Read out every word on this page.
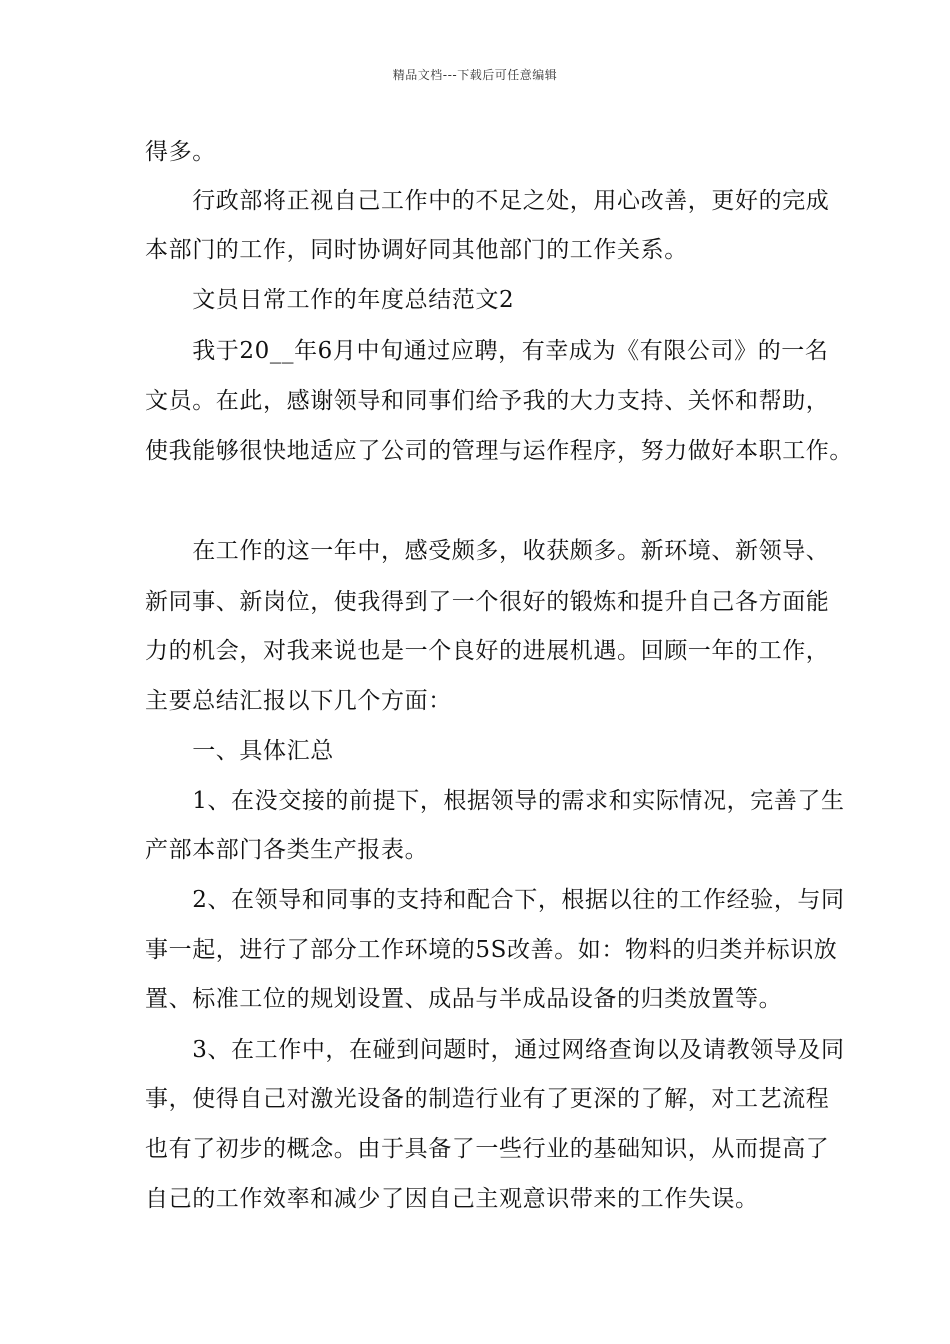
精品文档---下载后可任意编辑
得多。
　　行政部将正视自己工作中的不足之处，用心改善，更好的完成
本部门的工作，同时协调好同其他部门的工作关系。
　　文员日常工作的年度总结范文2
　　我于20__年6月中旬通过应聘，有幸成为《有限公司》的一名
文员。在此，感谢领导和同事们给予我的大力支持、关怀和帮助，
使我能够很快地适应了公司的管理与运作程序，努力做好本职工作。
　　在工作的这一年中，感受颇多，收获颇多。新环境、新领导、
新同事、新岗位，使我得到了一个很好的锻炼和提升自己各方面能
力的机会，对我来说也是一个良好的进展机遇。回顾一年的工作，
主要总结汇报以下几个方面：
　　一、具体汇总
　　1、在没交接的前提下，根据领导的需求和实际情况，完善了生
产部本部门各类生产报表。
　　2、在领导和同事的支持和配合下，根据以往的工作经验，与同
事一起，进行了部分工作环境的5S改善。如：物料的归类并标识放
置、标准工位的规划设置、成品与半成品设备的归类放置等。
　　3、在工作中，在碰到问题时，通过网络查询以及请教领导及同
事，使得自己对激光设备的制造行业有了更深的了解，对工艺流程
也有了初步的概念。由于具备了一些行业的基础知识，从而提高了
自己的工作效率和减少了因自己主观意识带来的工作失误。
